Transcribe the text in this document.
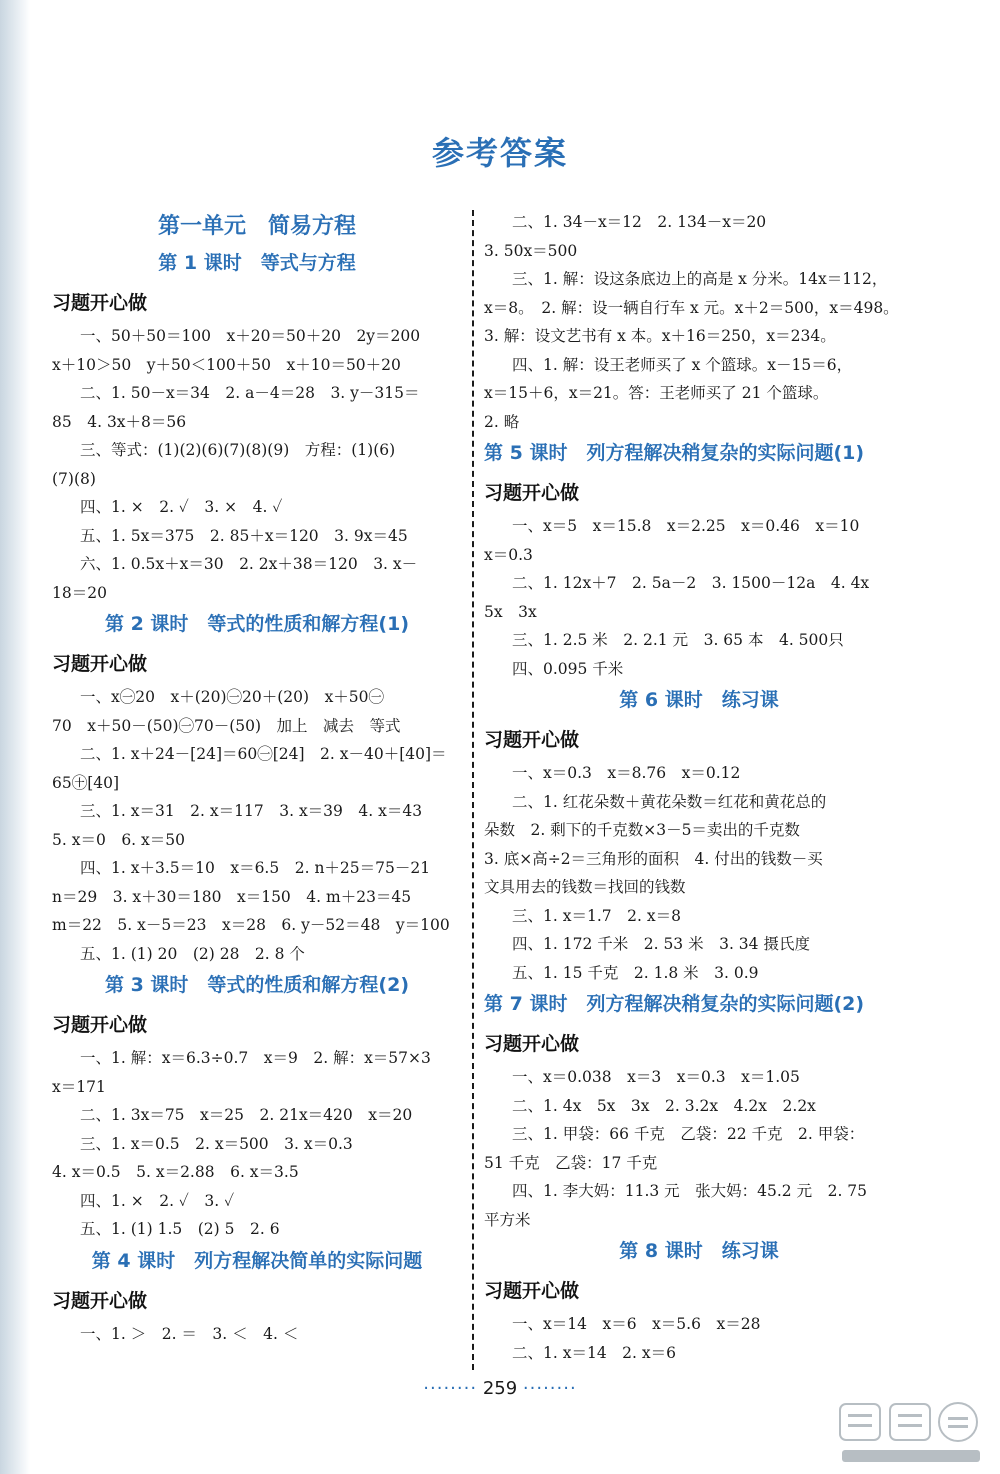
参考答案
第一单元　简易方程
第 1 课时　等式与方程
习题开心做
一、50＋50＝100　x＋20＝50＋20　2y＝200
x＋10＞50　y＋50＜100＋50　x＋10＝50＋20
二、1. 50－x＝34　2. a－4＝28　3. y－315＝
85　4. 3x＋8＝56
三、等式：(1)(2)(6)(7)(8)(9)　方程：(1)(6)
(7)(8)
四、1. ×　2. ✓　3. ×　4. ✓
五、1. 5x＝375　2. 85＋x＝120　3. 9x＝45
六、1. 0.5x＋x＝30　2. 2x＋38＝120　3. x－
18＝20
第 2 课时　等式的性质和解方程(1)
习题开心做
一、x㊀20　x＋(20)㊀20＋(20)　x＋50㊀
70　x＋50－(50)㊀70－(50)　加上　减去　等式
二、1. x＋24－[24]＝60㊀[24]　2. x－40＋[40]＝
65㊉[40]
三、1. x＝31　2. x＝117　3. x＝39　4. x＝43
5. x＝0　6. x＝50
四、1. x＋3.5＝10　x＝6.5　2. n＋25＝75－21
n＝29　3. x＋30＝180　x＝150　4. m＋23＝45
m＝22　5. x－5＝23　x＝28　6. y－52＝48　y＝100
五、1. (1) 20　(2) 28　2. 8 个
第 3 课时　等式的性质和解方程(2)
习题开心做
一、1. 解：x＝6.3÷0.7　x＝9　2. 解：x＝57×3
x＝171
二、1. 3x＝75　x＝25　2. 21x＝420　x＝20
三、1. x＝0.5　2. x＝500　3. x＝0.3
4. x＝0.5　5. x＝2.88　6. x＝3.5
四、1. ×　2. ✓　3. ✓
五、1. (1) 1.5　(2) 5　2. 6
第 4 课时　列方程解决简单的实际问题
习题开心做
一、1. ＞　2. ＝　3. ＜　4. ＜
二、1. 34－x＝12　2. 134－x＝20
3. 50x＝500
三、1. 解：设这条底边上的高是 x 分米。14x＝112，
x＝8。　2. 解：设一辆自行车 x 元。x＋2＝500，x＝498。
3. 解：设文艺书有 x 本。x＋16＝250，x＝234。
四、1. 解：设王老师买了 x 个篮球。x－15＝6，
x＝15＋6，x＝21。答：王老师买了 21 个篮球。
2. 略
第 5 课时　列方程解决稍复杂的实际问题(1)
习题开心做
一、x＝5　x＝15.8　x＝2.25　x＝0.46　x＝10
x＝0.3
二、1. 12x＋7　2. 5a－2　3. 1500－12a　4. 4x
5x　3x
三、1. 2.5 米　2. 2.1 元　3. 65 本　4. 500只
四、0.095 千米
第 6 课时　练习课
习题开心做
一、x＝0.3　x＝8.76　x＝0.12
二、1. 红花朵数＋黄花朵数＝红花和黄花总的
朵数　2. 剩下的千克数×3－5＝卖出的千克数
3. 底×高÷2＝三角形的面积　4. 付出的钱数－买
文具用去的钱数＝找回的钱数
三、1. x＝1.7　2. x＝8
四、1. 172 千米　2. 53 米　3. 34 摄氏度
五、1. 15 千克　2. 1.8 米　3. 0.9
第 7 课时　列方程解决稍复杂的实际问题(2)
习题开心做
一、x＝0.038　x＝3　x＝0.3　x＝1.05
二、1. 4x　5x　3x　2. 3.2x　4.2x　2.2x
三、1. 甲袋：66 千克　乙袋：22 千克　2. 甲袋：
51 千克　乙袋：17 千克
四、1. 李大妈：11.3 元　张大妈：45.2 元　2. 75
平方米
第 8 课时　练习课
习题开心做
一、x＝14　x＝6　x＝5.6　x＝28
二、1. x＝14　2. x＝6
········ 259 ········
